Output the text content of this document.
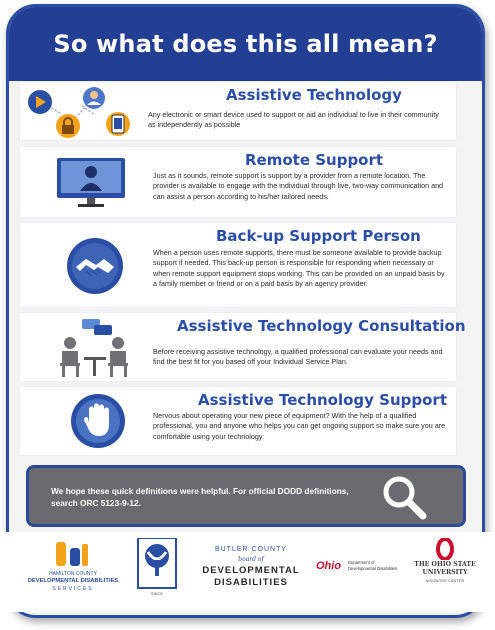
So what does this all mean?
Assistive Technology
Any electronic or smart device used to support or aid an individual to live in their community as independently as possible
Remote Support
Just as it sounds, remote support is support by a provider from a remote location. The provider is available to engage with the individual through live, two-way communication and can assist a person according to his/her tailored needs.
Back-up Support Person
When a person uses remote supports, there must be someone available to provide backup support if needed. This back-up person is responsible for responding when necessary or when remote support equipment stops working. This can be provided on an unpaid basis by a family member or friend or on a paid basis by an agency provider.
Assistive Technology Consultation
Before receiving assistive technology, a qualified professional can evaluate your needs and find the best fit for you based off your Individual Service Plan.
Assistive Technology Support
Nervous about operating your new piece of equipment? With the help of a qualified professional, you and anyone who helps you can get ongoing support so make sure you are comfortable using your technology.
We hope these quick definitions were helpful. For official DODD definitions, search ORC 5123-9-12.
HAMILTON COUNTY
DEVELOPMENTAL DISABILITIES
SERVICES
SINCE
BUTLER COUNTY
board of
DEVELOPMENTAL
DISABILITIES
Ohio Department of
Developmental Disabilities
THE OHIO STATE
UNIVERSITY
NISONGER CENTER
